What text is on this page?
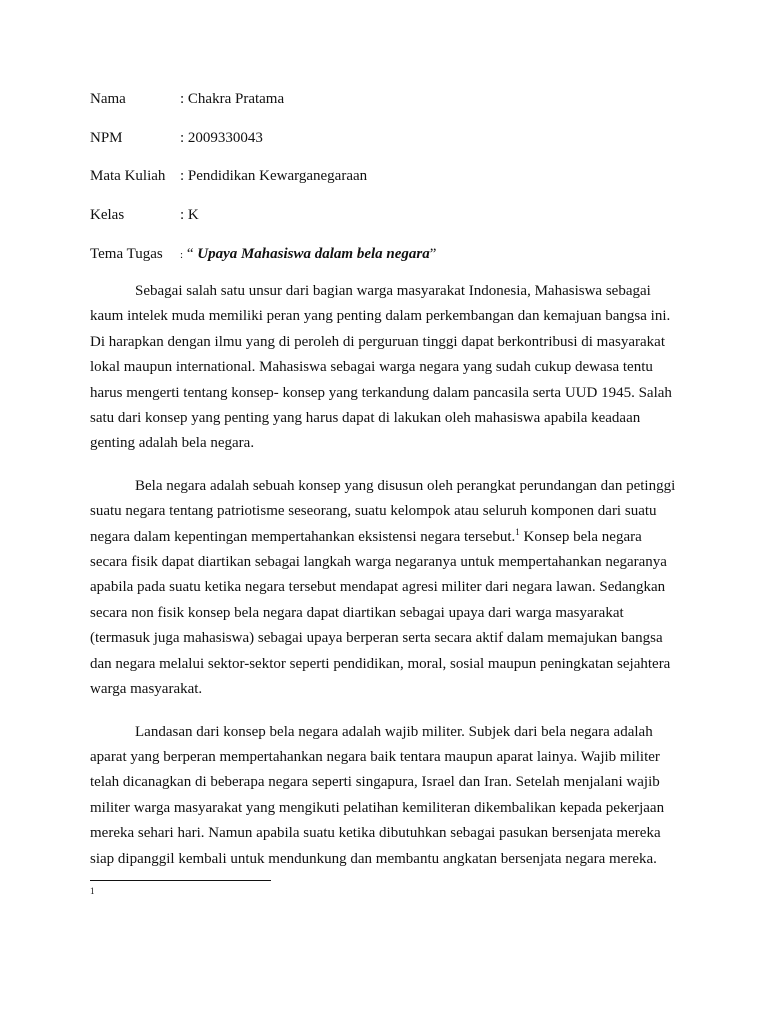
Nama	: Chakra Pratama
NPM	: 2009330043
Mata Kuliah : Pendidikan Kewarganegaraan
Kelas	: K
Tema Tugas : “ Upaya Mahasiswa dalam bela negara”

Sebagai salah satu unsur dari bagian warga masyarakat Indonesia, Mahasiswa sebagai kaum intelek muda memiliki peran yang penting dalam perkembangan dan kemajuan bangsa ini. Di harapkan dengan ilmu yang di peroleh di perguruan tinggi dapat berkontribusi di masyarakat lokal maupun international. Mahasiswa sebagai warga negara yang sudah cukup dewasa tentu harus mengerti tentang konsep- konsep yang terkandung dalam pancasila serta UUD 1945. Salah satu dari konsep yang penting yang harus dapat di lakukan oleh mahasiswa apabila keadaan genting adalah bela negara.

Bela negara adalah sebuah konsep yang disusun oleh perangkat perundangan dan petinggi suatu negara tentang patriotisme seseorang, suatu kelompok atau seluruh komponen dari suatu negara dalam kepentingan mempertahankan eksistensi negara tersebut.$^1$ Konsep bela negara secara fisik dapat diartikan sebagai langkah warga negaranya untuk mempertahankan negaranya apabila pada suatu ketika negara tersebut mendapat agresi militer dari negara lawan. Sedangkan secara non fisik konsep bela negara dapat diartikan sebagai upaya dari warga masyarakat (termasuk juga mahasiswa) sebagai upaya berperan serta secara aktif dalam memajukan bangsa dan negara melalui sektor-sektor seperti pendidikan, moral, sosial maupun peningkatan sejahtera warga masyarakat.

Landasan dari konsep bela negara adalah wajib militer. Subjek dari bela negara adalah aparat yang berperan mempertahankan negara baik tentara maupun aparat lainya. Wajib militer telah dicanagkan di beberapa negara seperti singapura, Israel dan Iran. Setelah menjalani wajib militer warga masyarakat yang mengikuti pelatihan kemiliteran dikembalikan kepada pekerjaan mereka sehari hari. Namun apabila suatu ketika dibutuhkan sebagai pasukan bersenjata mereka siap dipanggil kembali untuk mendunkung dan membantu angkatan bersenjata negara mereka.

1
